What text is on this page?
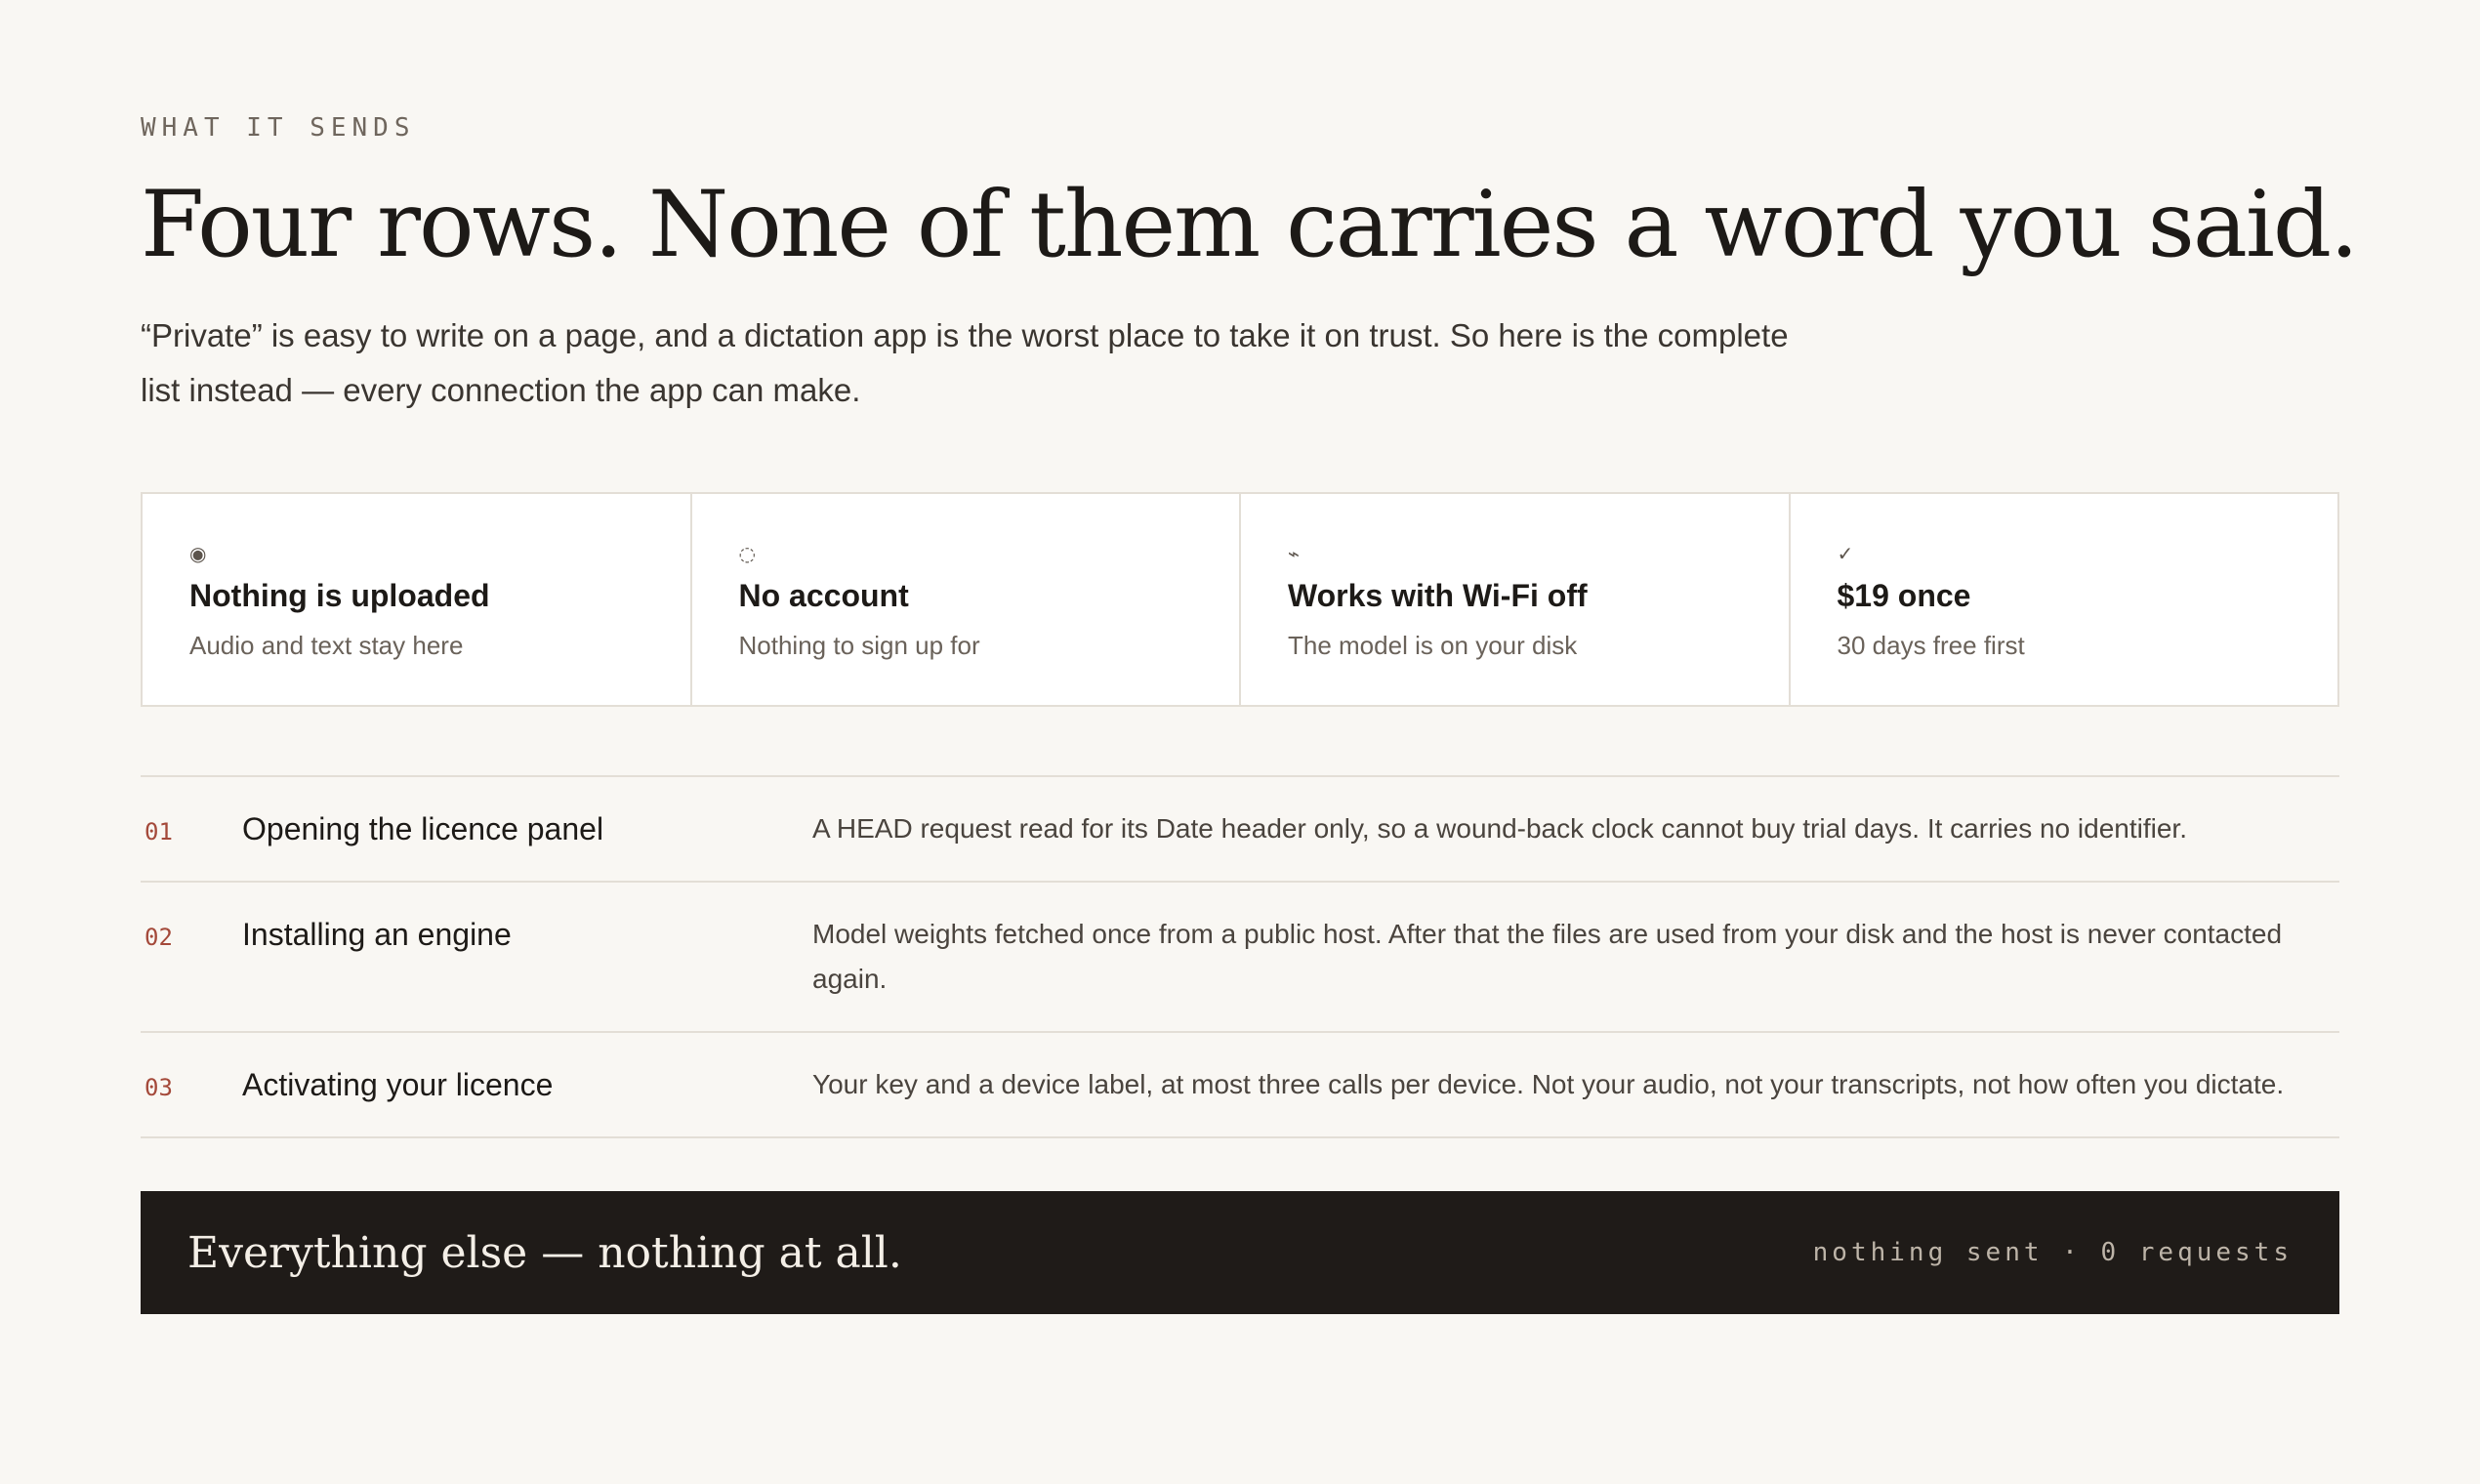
WHAT IT SENDS
Four rows. None of them carries a word you said.

“Private” is easy to write on a page, and a dictation app is the worst place to take it on trust. So here is the complete list instead — every connection the app can make.

◉
Nothing is uploaded
Audio and text stay here
◌
No account
Nothing to sign up for
⌁
Works with Wi-Fi off
The model is on your disk
✓
$19 once
30 days free first
01	Opening the licence panel	A HEAD request read for its Date header only, so a wound-back clock cannot buy trial days. It carries no identifier.
02	Installing an engine	Model weights fetched once from a public host. After that the files are used from your disk and the host is never contacted again.
03	Activating your licence	Your key and a device label, at most three calls per device. Not your audio, not your transcripts, not how often you dictate.
Everything else — nothing at all.	nothing sent · 0 requests
